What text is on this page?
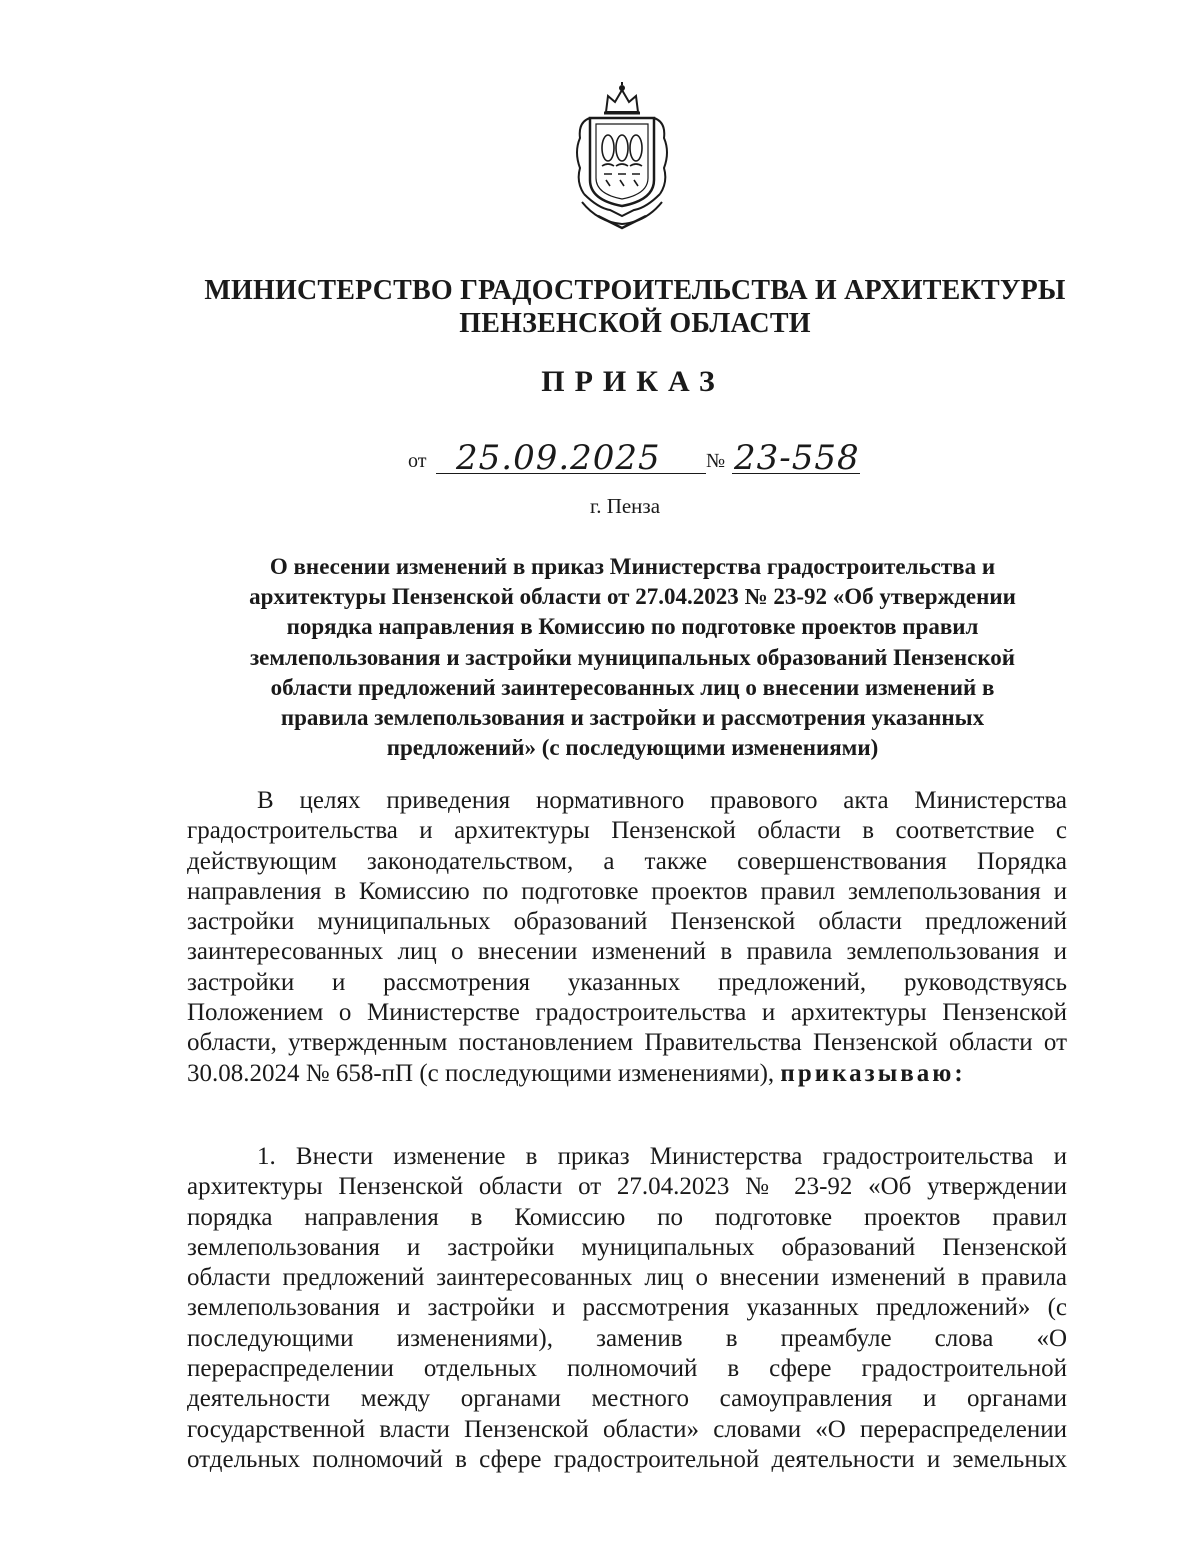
МИНИСТЕРСТВО ГРАДОСТРОИТЕЛЬСТВА И АРХИТЕКТУРЫ
ПЕНЗЕНСКОЙ ОБЛАСТИ
ПРИКАЗ
от 25.09.2025 № 23-558
г. Пенза
О внесении изменений в приказ Министерства градостроительства и
архитектуры Пензенской области от 27.04.2023 № 23-92 «Об утверждении
порядка направления в Комиссию по подготовке проектов правил
землепользования и застройки муниципальных образований Пензенской
области предложений заинтересованных лиц о внесении изменений в
правила землепользования и застройки и рассмотрения указанных
предложений» (с последующими изменениями)
В целях приведения нормативного правового акта Министерства
градостроительства и архитектуры Пензенской области в соответствие с
действующим законодательством, а также совершенствования Порядка
направления в Комиссию по подготовке проектов правил землепользования и
застройки муниципальных образований Пензенской области предложений
заинтересованных лиц о внесении изменений в правила землепользования и
застройки и рассмотрения указанных предложений, руководствуясь
Положением о Министерстве градостроительства и архитектуры Пензенской
области, утвержденным постановлением Правительства Пензенской области от
30.08.2024 № 658-пП (с последующими изменениями), приказываю:
1. Внести изменение в приказ Министерства градостроительства и
архитектуры Пензенской области от 27.04.2023 № 23-92 «Об утверждении
порядка направления в Комиссию по подготовке проектов правил
землепользования и застройки муниципальных образований Пензенской
области предложений заинтересованных лиц о внесении изменений в правила
землепользования и застройки и рассмотрения указанных предложений» (с
последующими изменениями), заменив в преамбуле слова «О
перераспределении отдельных полномочий в сфере градостроительной
деятельности между органами местного самоуправления и органами
государственной власти Пензенской области» словами «О перераспределении
отдельных полномочий в сфере градостроительной деятельности и земельных
